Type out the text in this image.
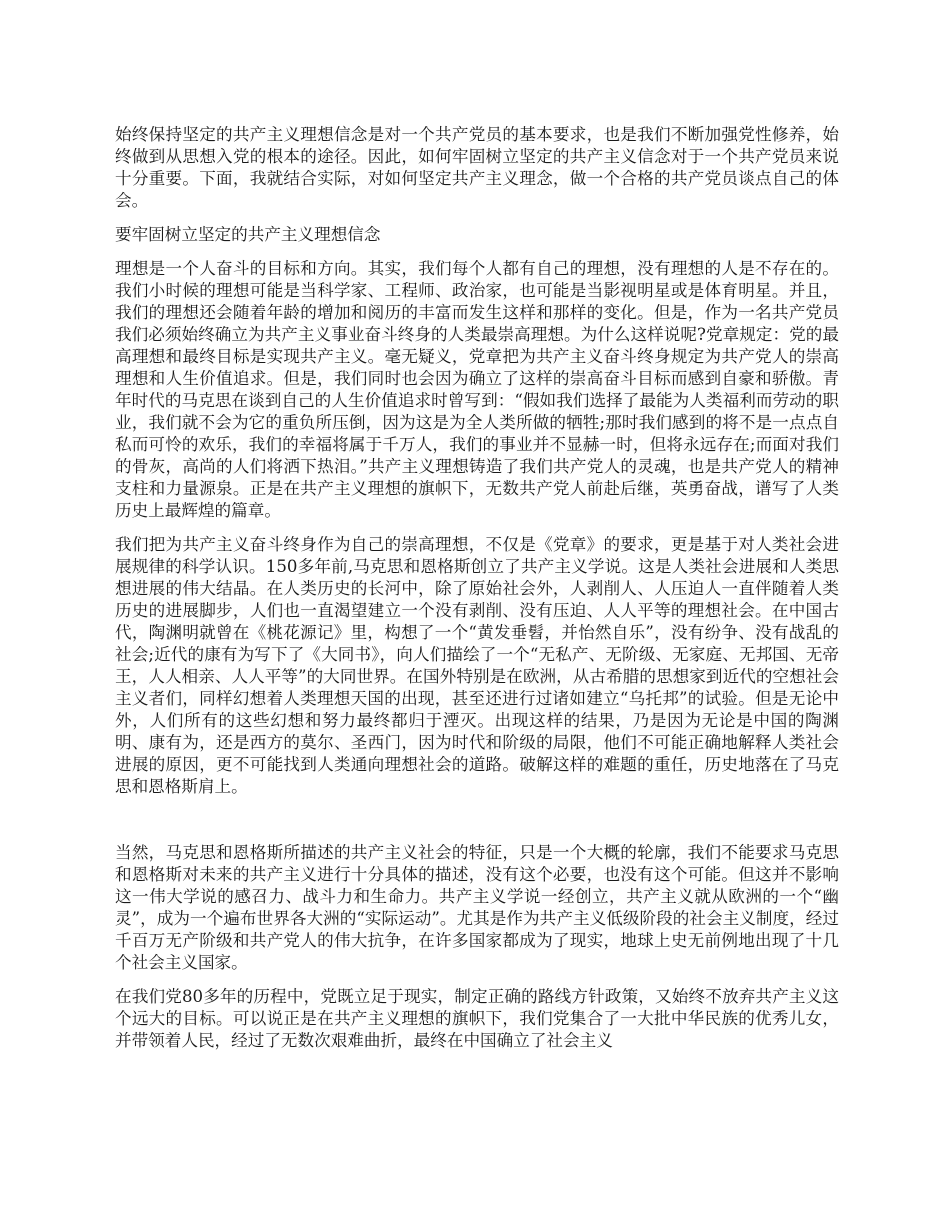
始终保持坚定的共产主义理想信念是对一个共产党员的基本要求，也是我们不断加强党性修养，始终做到从思想入党的根本的途径。因此，如何牢固树立坚定的共产主义信念对于一个共产党员来说十分重要。下面，我就结合实际，对如何坚定共产主义理念，做一个合格的共产党员谈点自己的体会。

要牢固树立坚定的共产主义理想信念

理想是一个人奋斗的目标和方向。其实，我们每个人都有自己的理想，没有理想的人是不存在的。我们小时候的理想可能是当科学家、工程师、政治家，也可能是当影视明星或是体育明星。并且，我们的理想还会随着年龄的增加和阅历的丰富而发生这样和那样的变化。但是，作为一名共产党员我们必须始终确立为共产主义事业奋斗终身的人类最崇高理想。为什么这样说呢?党章规定：党的最高理想和最终目标是实现共产主义。毫无疑义，党章把为共产主义奋斗终身规定为共产党人的崇高理想和人生价值追求。但是，我们同时也会因为确立了这样的崇高奋斗目标而感到自豪和骄傲。青年时代的马克思在谈到自己的人生价值追求时曾写到：“假如我们选择了最能为人类福利而劳动的职业，我们就不会为它的重负所压倒，因为这是为全人类所做的牺牲;那时我们感到的将不是一点点自私而可怜的欢乐，我们的幸福将属于千万人，我们的事业并不显赫一时，但将永远存在;而面对我们的骨灰，高尚的人们将洒下热泪。”共产主义理想铸造了我们共产党人的灵魂，也是共产党人的精神支柱和力量源泉。正是在共产主义理想的旗帜下，无数共产党人前赴后继，英勇奋战，谱写了人类历史上最辉煌的篇章。

我们把为共产主义奋斗终身作为自己的崇高理想，不仅是《党章》的要求，更是基于对人类社会进展规律的科学认识。150多年前,马克思和恩格斯创立了共产主义学说。这是人类社会进展和人类思想进展的伟大结晶。在人类历史的长河中，除了原始社会外，人剥削人、人压迫人一直伴随着人类历史的进展脚步，人们也一直渴望建立一个没有剥削、没有压迫、人人平等的理想社会。在中国古代，陶渊明就曾在《桃花源记》里，构想了一个“黄发垂髫，并怡然自乐”，没有纷争、没有战乱的社会;近代的康有为写下了《大同书》，向人们描绘了一个“无私产、无阶级、无家庭、无邦国、无帝王，人人相亲、人人平等”的大同世界。在国外特别是在欧洲，从古希腊的思想家到近代的空想社会主义者们，同样幻想着人类理想天国的出现，甚至还进行过诸如建立“乌托邦”的试验。但是无论中外，人们所有的这些幻想和努力最终都归于湮灭。出现这样的结果，乃是因为无论是中国的陶渊明、康有为，还是西方的莫尔、圣西门，因为时代和阶级的局限，他们不可能正确地解释人类社会进展的原因，更不可能找到人类通向理想社会的道路。破解这样的难题的重任，历史地落在了马克思和恩格斯肩上。

当然，马克思和恩格斯所描述的共产主义社会的特征，只是一个大概的轮廓，我们不能要求马克思和恩格斯对未来的共产主义进行十分具体的描述，没有这个必要，也没有这个可能。但这并不影响这一伟大学说的感召力、战斗力和生命力。共产主义学说一经创立，共产主义就从欧洲的一个“幽灵”，成为一个遍布世界各大洲的“实际运动”。尤其是作为共产主义低级阶段的社会主义制度，经过千百万无产阶级和共产党人的伟大抗争，在许多国家都成为了现实，地球上史无前例地出现了十几个社会主义国家。

在我们党80多年的历程中，党既立足于现实，制定正确的路线方针政策，又始终不放弃共产主义这个远大的目标。可以说正是在共产主义理想的旗帜下，我们党集合了一大批中华民族的优秀儿女，并带领着人民，经过了无数次艰难曲折，最终在中国确立了社会主义
